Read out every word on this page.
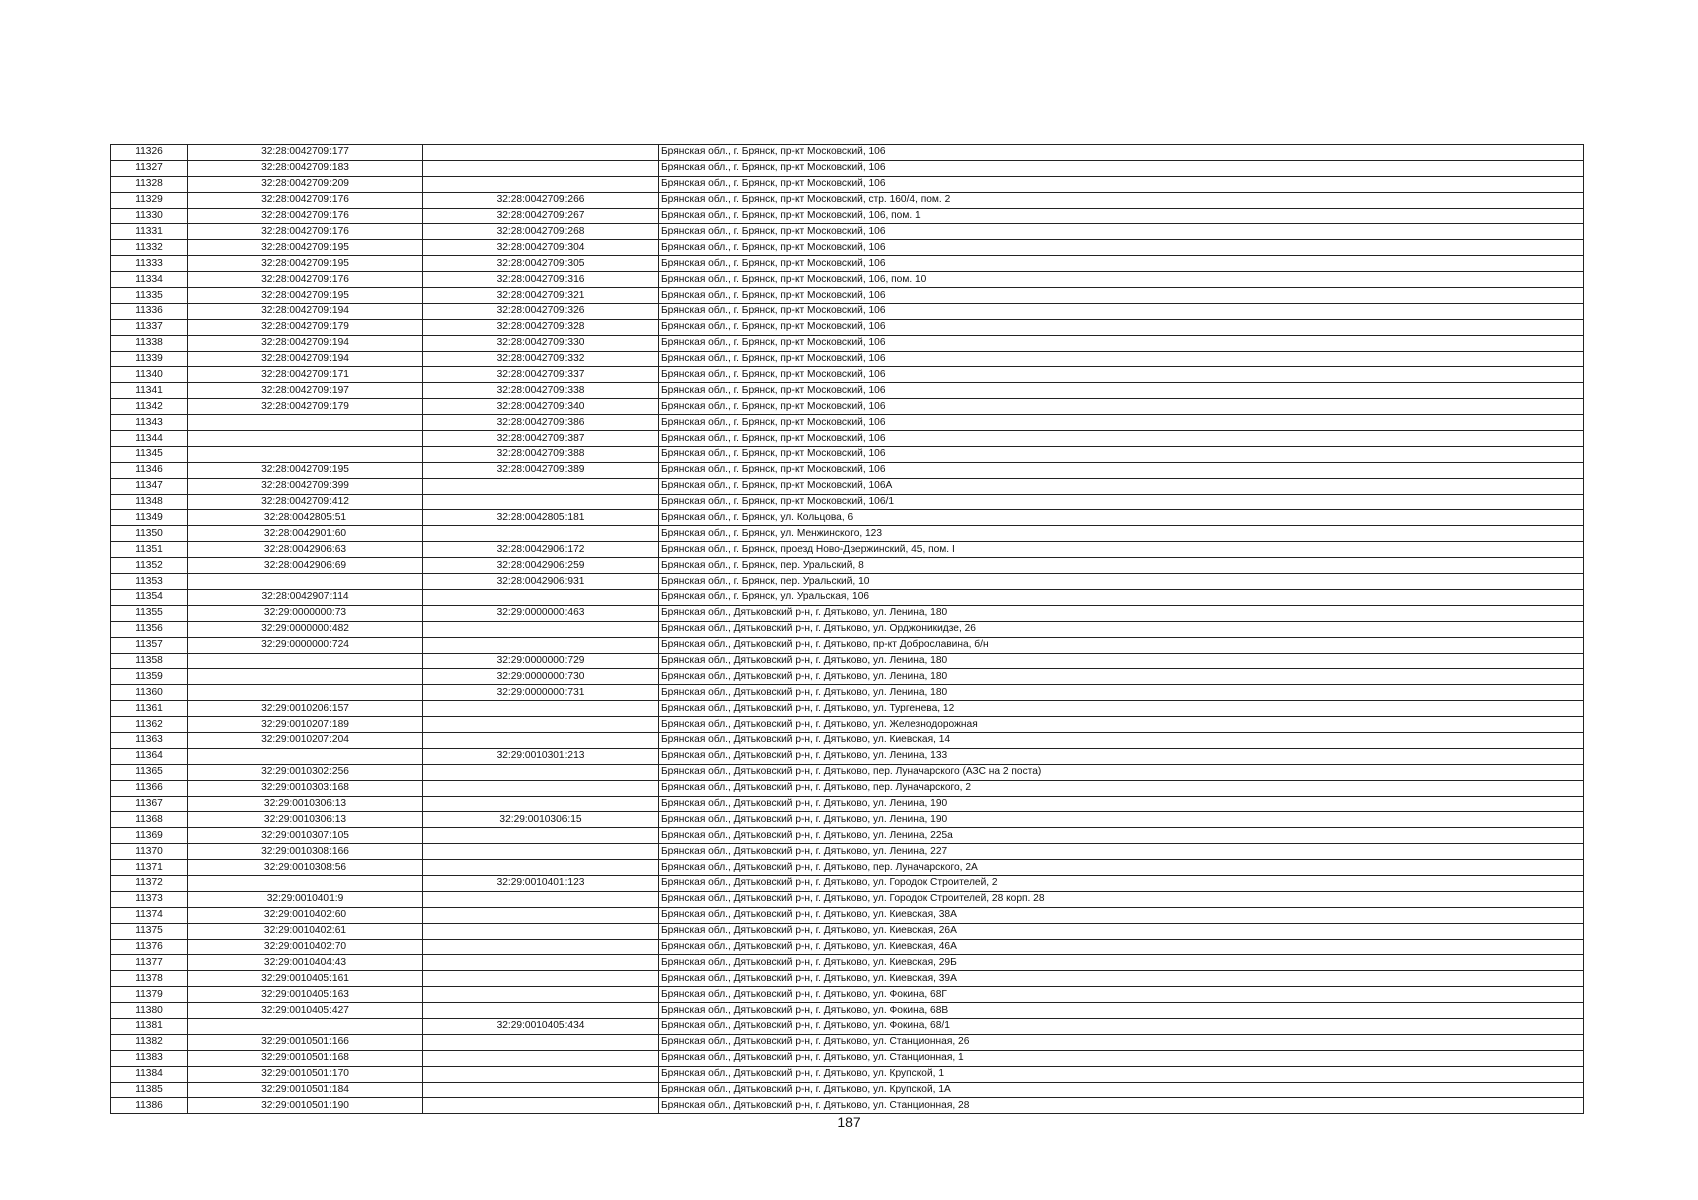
11326	32:28:0042709:177		Брянская обл., г. Брянск, пр-кт Московский, 106
11327	32:28:0042709:183		Брянская обл., г. Брянск, пр-кт Московский, 106
11328	32:28:0042709:209		Брянская обл., г. Брянск, пр-кт Московский, 106
11329	32:28:0042709:176	32:28:0042709:266	Брянская обл., г. Брянск, пр-кт Московский, стр. 160/4, пом. 2
11330	32:28:0042709:176	32:28:0042709:267	Брянская обл., г. Брянск, пр-кт Московский, 106, пом. 1
11331	32:28:0042709:176	32:28:0042709:268	Брянская обл., г. Брянск, пр-кт Московский, 106
11332	32:28:0042709:195	32:28:0042709:304	Брянская обл., г. Брянск, пр-кт Московский, 106
11333	32:28:0042709:195	32:28:0042709:305	Брянская обл., г. Брянск, пр-кт Московский, 106
11334	32:28:0042709:176	32:28:0042709:316	Брянская обл., г. Брянск, пр-кт Московский, 106, пом. 10
11335	32:28:0042709:195	32:28:0042709:321	Брянская обл., г. Брянск, пр-кт Московский, 106
11336	32:28:0042709:194	32:28:0042709:326	Брянская обл., г. Брянск, пр-кт Московский, 106
11337	32:28:0042709:179	32:28:0042709:328	Брянская обл., г. Брянск, пр-кт Московский, 106
11338	32:28:0042709:194	32:28:0042709:330	Брянская обл., г. Брянск, пр-кт Московский, 106
11339	32:28:0042709:194	32:28:0042709:332	Брянская обл., г. Брянск, пр-кт Московский, 106
11340	32:28:0042709:171	32:28:0042709:337	Брянская обл., г. Брянск, пр-кт Московский, 106
11341	32:28:0042709:197	32:28:0042709:338	Брянская обл., г. Брянск, пр-кт Московский, 106
11342	32:28:0042709:179	32:28:0042709:340	Брянская обл., г. Брянск, пр-кт Московский, 106
11343		32:28:0042709:386	Брянская обл., г. Брянск, пр-кт Московский, 106
11344		32:28:0042709:387	Брянская обл., г. Брянск, пр-кт Московский, 106
11345		32:28:0042709:388	Брянская обл., г. Брянск, пр-кт Московский, 106
11346	32:28:0042709:195	32:28:0042709:389	Брянская обл., г. Брянск, пр-кт Московский, 106
11347	32:28:0042709:399		Брянская обл., г. Брянск, пр-кт Московский, 106А
11348	32:28:0042709:412		Брянская обл., г. Брянск, пр-кт Московский, 106/1
11349	32:28:0042805:51	32:28:0042805:181	Брянская обл., г. Брянск, ул. Кольцова, 6
11350	32:28:0042901:60		Брянская обл., г. Брянск, ул. Менжинского, 123
11351	32:28:0042906:63	32:28:0042906:172	Брянская обл., г. Брянск, проезд Ново-Дзержинский, 45, пом. I
11352	32:28:0042906:69	32:28:0042906:259	Брянская обл., г. Брянск, пер. Уральский, 8
11353		32:28:0042906:931	Брянская обл., г. Брянск, пер. Уральский, 10
11354	32:28:0042907:114		Брянская обл., г. Брянск, ул. Уральская, 106
11355	32:29:0000000:73	32:29:0000000:463	Брянская обл., Дятьковский р-н, г. Дятьково, ул. Ленина, 180
11356	32:29:0000000:482		Брянская обл., Дятьковский р-н, г. Дятьково, ул. Орджоникидзе, 26
11357	32:29:0000000:724		Брянская обл., Дятьковский р-н, г. Дятьково, пр-кт Доброславина, б/н
11358		32:29:0000000:729	Брянская обл., Дятьковский р-н, г. Дятьково, ул. Ленина, 180
11359		32:29:0000000:730	Брянская обл., Дятьковский р-н, г. Дятьково, ул. Ленина, 180
11360		32:29:0000000:731	Брянская обл., Дятьковский р-н, г. Дятьково, ул. Ленина, 180
11361	32:29:0010206:157		Брянская обл., Дятьковский р-н, г. Дятьково, ул. Тургенева, 12
11362	32:29:0010207:189		Брянская обл., Дятьковский р-н, г. Дятьково, ул. Железнодорожная
11363	32:29:0010207:204		Брянская обл., Дятьковский р-н, г. Дятьково, ул. Киевская, 14
11364		32:29:0010301:213	Брянская обл., Дятьковский р-н, г. Дятьково, ул. Ленина, 133
11365	32:29:0010302:256		Брянская обл., Дятьковский р-н, г. Дятьково, пер. Луначарского (АЗС на 2 поста)
11366	32:29:0010303:168		Брянская обл., Дятьковский р-н, г. Дятьково, пер. Луначарского, 2
11367	32:29:0010306:13		Брянская обл., Дятьковский р-н, г. Дятьково, ул. Ленина, 190
11368	32:29:0010306:13	32:29:0010306:15	Брянская обл., Дятьковский р-н, г. Дятьково, ул. Ленина, 190
11369	32:29:0010307:105		Брянская обл., Дятьковский р-н, г. Дятьково, ул. Ленина, 225а
11370	32:29:0010308:166		Брянская обл., Дятьковский р-н, г. Дятьково, ул. Ленина, 227
11371	32:29:0010308:56		Брянская обл., Дятьковский р-н, г. Дятьково, пер. Луначарского, 2А
11372		32:29:0010401:123	Брянская обл., Дятьковский р-н, г. Дятьково, ул. Городок Строителей, 2
11373	32:29:0010401:9		Брянская обл., Дятьковский р-н, г. Дятьково, ул. Городок Строителей, 28 корп. 28
11374	32:29:0010402:60		Брянская обл., Дятьковский р-н, г. Дятьково, ул. Киевская, 38А
11375	32:29:0010402:61		Брянская обл., Дятьковский р-н, г. Дятьково, ул. Киевская, 26А
11376	32:29:0010402:70		Брянская обл., Дятьковский р-н, г. Дятьково, ул. Киевская, 46А
11377	32:29:0010404:43		Брянская обл., Дятьковский р-н, г. Дятьково, ул. Киевская, 29Б
11378	32:29:0010405:161		Брянская обл., Дятьковский р-н, г. Дятьково, ул. Киевская, 39А
11379	32:29:0010405:163		Брянская обл., Дятьковский р-н, г. Дятьково, ул. Фокина, 68Г
11380	32:29:0010405:427		Брянская обл., Дятьковский р-н, г. Дятьково, ул. Фокина, 68В
11381		32:29:0010405:434	Брянская обл., Дятьковский р-н, г. Дятьково, ул. Фокина, 68/1
11382	32:29:0010501:166		Брянская обл., Дятьковский р-н, г. Дятьково, ул. Станционная, 26
11383	32:29:0010501:168		Брянская обл., Дятьковский р-н, г. Дятьково, ул. Станционная, 1
11384	32:29:0010501:170		Брянская обл., Дятьковский р-н, г. Дятьково, ул. Крупской, 1
11385	32:29:0010501:184		Брянская обл., Дятьковский р-н, г. Дятьково, ул. Крупской, 1А
11386	32:29:0010501:190		Брянская обл., Дятьковский р-н, г. Дятьково, ул. Станционная, 28
187
